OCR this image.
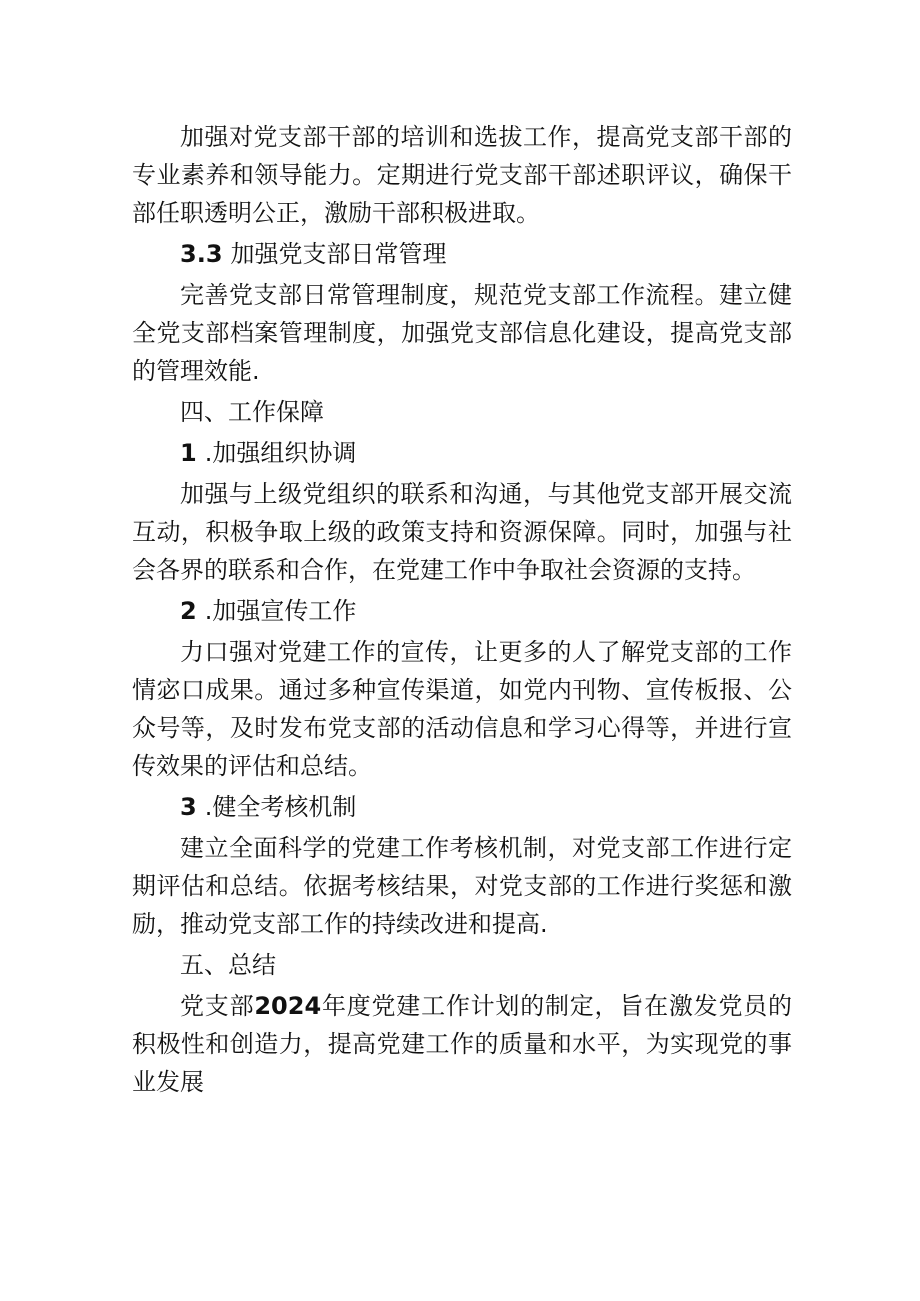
加强对党支部干部的培训和选拔工作，提高党支部干部的专业素养和领导能力。定期进行党支部干部述职评议，确保干部任职透明公正，激励干部积极进取。

3.3 加强党支部日常管理

完善党支部日常管理制度，规范党支部工作流程。建立健全党支部档案管理制度，加强党支部信息化建设，提高党支部的管理效能.

四、工作保障

1 .加强组织协调

加强与上级党组织的联系和沟通，与其他党支部开展交流互动，积极争取上级的政策支持和资源保障。同时，加强与社会各界的联系和合作，在党建工作中争取社会资源的支持。

2 .加强宣传工作

力口强对党建工作的宣传，让更多的人了解党支部的工作情宓口成果。通过多种宣传渠道，如党内刊物、宣传板报、公众号等，及时发布党支部的活动信息和学习心得等，并进行宣传效果的评估和总结。

3 .健全考核机制

建立全面科学的党建工作考核机制，对党支部工作进行定期评估和总结。依据考核结果，对党支部的工作进行奖惩和激励，推动党支部工作的持续改进和提高.

五、总结

党支部2024年度党建工作计划的制定，旨在激发党员的积极性和创造力，提高党建工作的质量和水平，为实现党的事业发展
